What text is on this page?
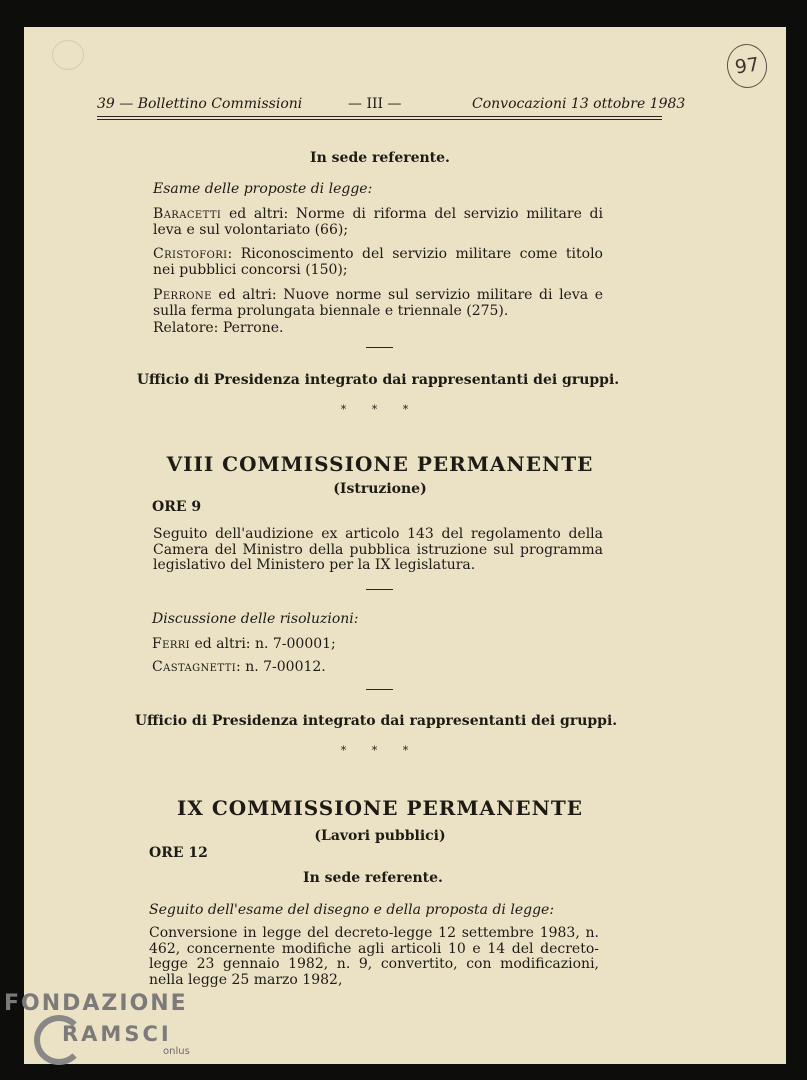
97
39 — Bollettino Commissioni	— III —	Convocazioni 13 ottobre 1983
In sede referente.
Esame delle proposte di legge:
Baracetti ed altri: Norme di riforma del servizio militare di leva e sul volontariato (66);
Cristofori: Riconoscimento del servizio militare come titolo nei pubblici concorsi (150);
Perrone ed altri: Nuove norme sul servizio militare di leva e sulla ferma prolungata biennale e triennale (275).
Relatore: Perrone.
Ufficio di Presidenza integrato dai rappresentanti dei gruppi.
* * *
VIII COMMISSIONE PERMANENTE
(Istruzione)
ORE 9
Seguito dell'audizione ex articolo 143 del regolamento della Camera del Ministro della pubblica istruzione sul programma legislativo del Ministero per la IX legislatura.
Discussione delle risoluzioni:
Ferri ed altri: n. 7-00001;
Castagnetti: n. 7-00012.
Ufficio di Presidenza integrato dai rappresentanti dei gruppi.
* * *
IX COMMISSIONE PERMANENTE
(Lavori pubblici)
ORE 12
In sede referente.
Seguito dell'esame del disegno e della proposta di legge:
Conversione in legge del decreto-legge 12 settembre 1983, n. 462, concernente modifiche agli articoli 10 e 14 del decreto-legge 23 gennaio 1982, n. 9, convertito, con modificazioni, nella legge 25 marzo 1982,
FONDAZIONE
RAMSCI
onlus
